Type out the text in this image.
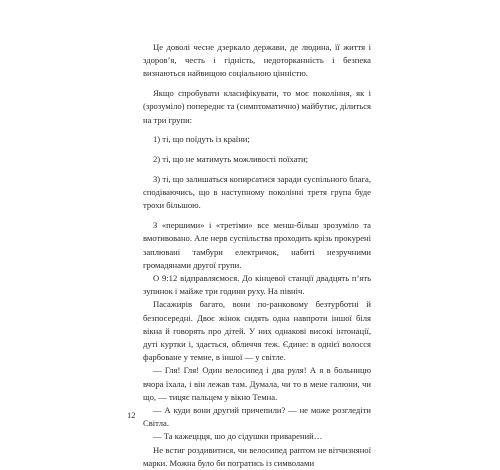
Це доволі чесне дзеркало держави, де людина, її життя і здоров’я, честь і гідність, недоторканність і безпека визнаються найвищою соціальною цінністю.

Якщо спробувати класифікувати, то моє покоління, як і (зрозуміло) попереднє та (симптоматично) майбутнє, ділиться на три групи:

1) ті, що поїдуть із країни;

2) ті, що не матимуть можливості поїхати;

3) ті, що залишаться копирсатися заради суспільного блага, сподіваючись, що в наступному поколінні третя група буде трохи більшою.

З «першими» і «третіми» все менш-більш зрозуміло та вмотивовано. Але нерв суспільства проходить крізь прокурені заплювані тамбури електричок, набиті незручними громадянами другої групи.

О 9:12 відправляємося. До кінцевої станції двадцять п’ять зупинок і майже три години руху. На північ.

Пасажирів багато, вони по-ранковому безтурботні й безпосередні. Двоє жінок сидять одна навпроти іншої біля вікна й говорять про дітей. У них однакові високі інтонації, дуті куртки і, здається, обличчя теж. Єдине: в однієї волосся фарбоване у темне, в іншої — у світле.

— Гля! Гля! Один велосипед і два руля! А я в больницю вчора їхала, і він лежав там. Думала, чи то в мене галюни, чи що, — тицяє пальцем у вікно Темна.

— А куди вони другий причепили? — не може розгледіти Світла.

— Та кажеццця, шо до сідушки приварений…

Не встиг роздивитися, чи велосипед раптом не вітчизняної марки. Можна було би погратись із символами

12
